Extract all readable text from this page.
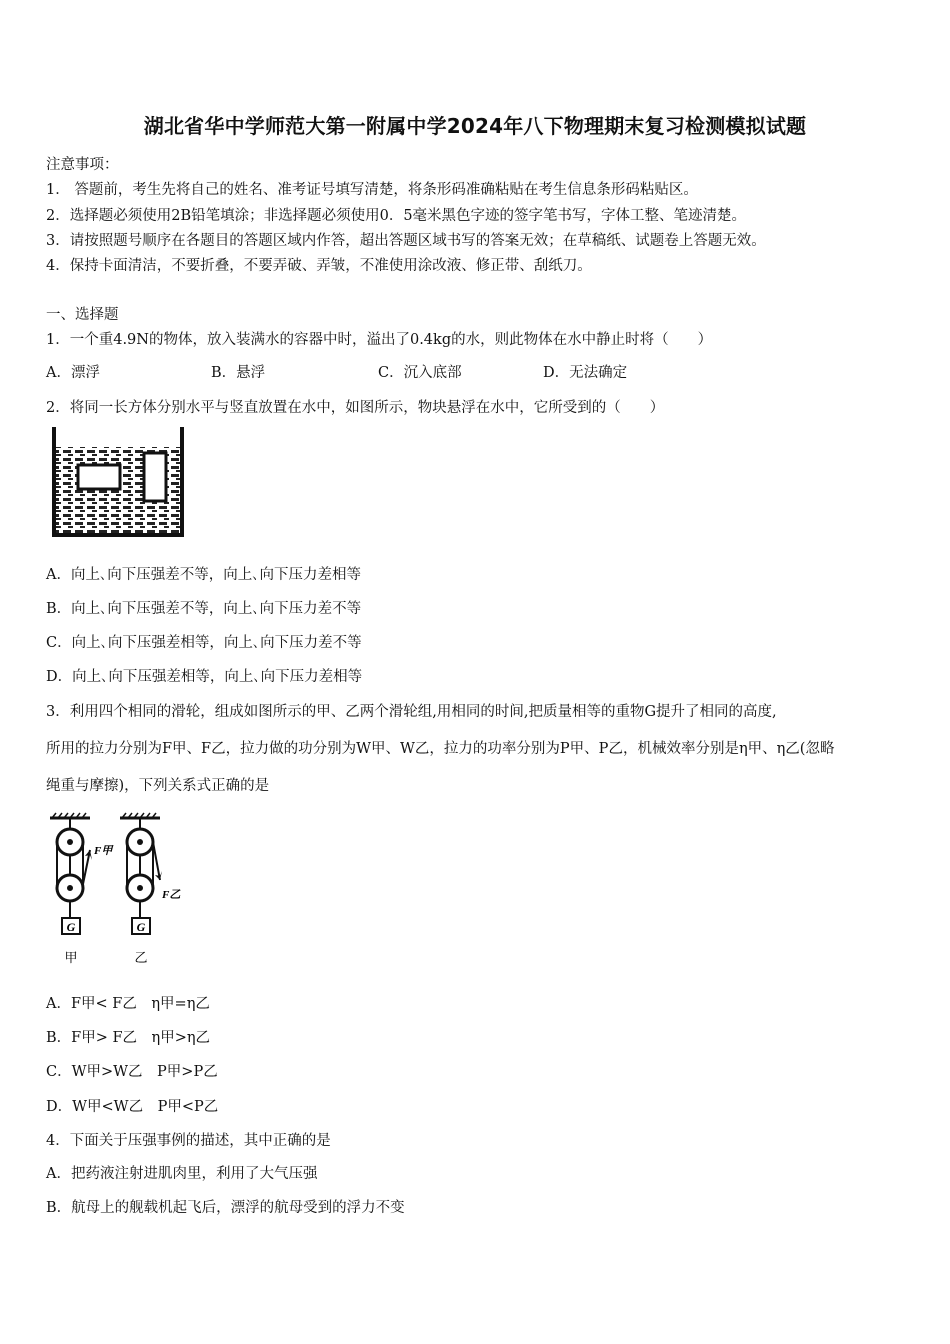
湖北省华中学师范大第一附属中学2024年八下物理期末复习检测模拟试题
注意事项：
1． 答题前，考生先将自己的姓名、准考证号填写清楚，将条形码准确粘贴在考生信息条形码粘贴区。
2．选择题必须使用2B铅笔填涂；非选择题必须使用0．5毫米黑色字迹的签字笔书写，字体工整、笔迹清楚。
3．请按照题号顺序在各题目的答题区域内作答，超出答题区域书写的答案无效；在草稿纸、试题卷上答题无效。
4．保持卡面清洁，不要折叠，不要弄破、弄皱，不准使用涂改液、修正带、刮纸刀。
一、选择题
1．一个重4.9N的物体，放入装满水的容器中时，溢出了0.4kg的水，则此物体在水中静止时将（　　）
A．漂浮	B．悬浮	C．沉入底部	D．无法确定
2．将同一长方体分别水平与竖直放置在水中，如图所示，物块悬浮在水中，它所受到的（　　）
A．向上､向下压强差不等，向上､向下压力差相等
B．向上､向下压强差不等，向上､向下压力差不等
C．向上､向下压强差相等，向上､向下压力差不等
D．向上､向下压强差相等，向上､向下压力差相等
3．利用四个相同的滑轮，组成如图所示的甲、乙两个滑轮组,用相同的时间,把质量相等的重物G提升了相同的高度,
所用的拉力分别为F甲、F乙，拉力做的功分别为W甲、W乙，拉力的功率分别为P甲、P乙，机械效率分别是η甲、η乙(忽略
绳重与摩擦)，下列关系式正确的是
G	G
F甲
F乙
甲	乙
A．F甲< F乙　η甲=η乙
B．F甲> F乙　η甲>η乙
C．W甲>W乙　P甲>P乙
D．W甲<W乙　P甲<P乙
4．下面关于压强事例的描述，其中正确的是
A．把药液注射进肌肉里，利用了大气压强
B．航母上的舰载机起飞后，漂浮的航母受到的浮力不变
